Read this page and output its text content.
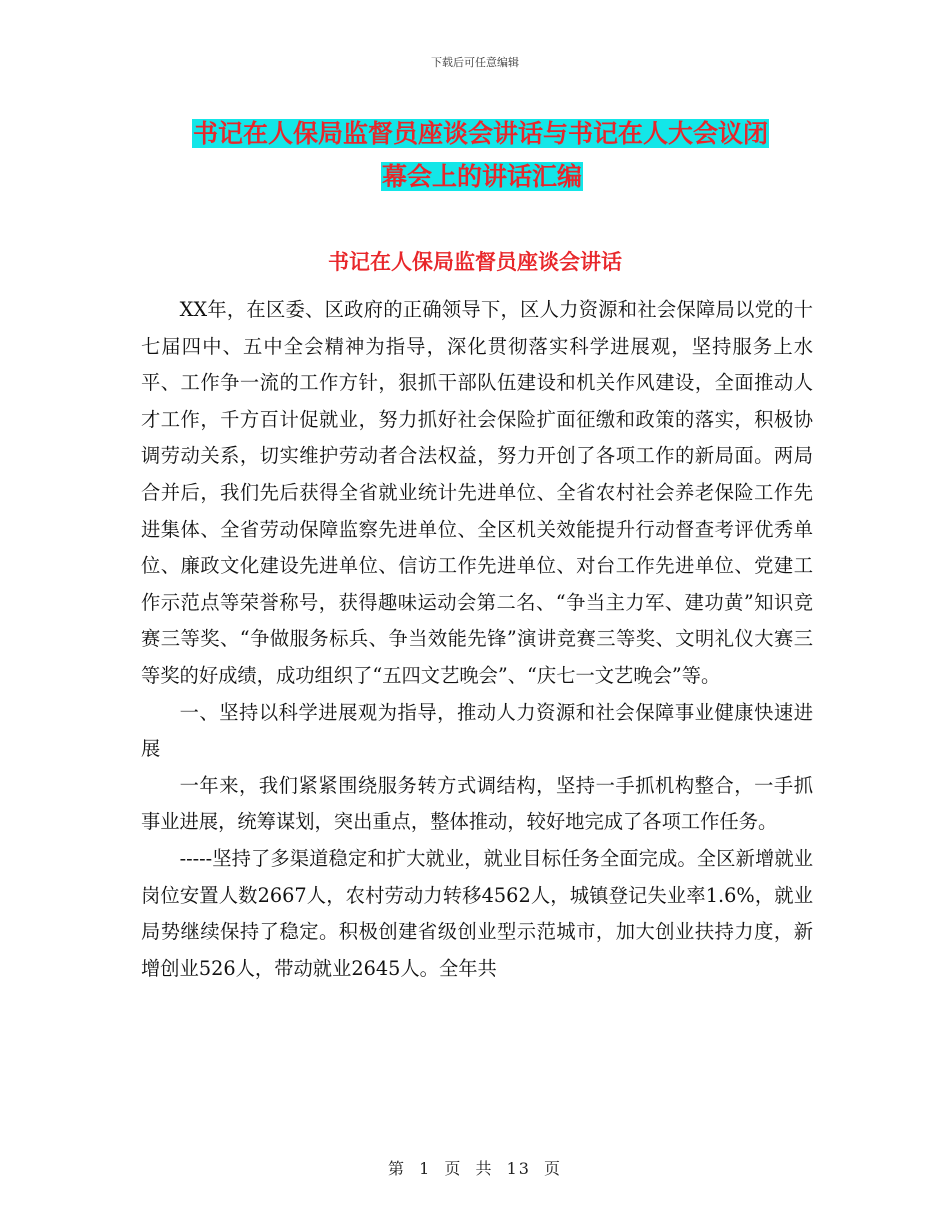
下载后可任意编辑
书记在人保局监督员座谈会讲话与书记在人大会议闭
幕会上的讲话汇编
书记在人保局监督员座谈会讲话

XX年，在区委、区政府的正确领导下，区人力资源和社会保障局以党的十七届四中、五中全会精神为指导，深化贯彻落实科学进展观，坚持服务上水平、工作争一流的工作方针，狠抓干部队伍建设和机关作风建设，全面推动人才工作，千方百计促就业，努力抓好社会保险扩面征缴和政策的落实，积极协调劳动关系，切实维护劳动者合法权益，努力开创了各项工作的新局面。两局合并后，我们先后获得全省就业统计先进单位、全省农村社会养老保险工作先进集体、全省劳动保障监察先进单位、全区机关效能提升行动督查考评优秀单位、廉政文化建设先进单位、信访工作先进单位、对台工作先进单位、党建工作示范点等荣誉称号，获得趣味运动会第二名、“争当主力军、建功黄”知识竞赛三等奖、“争做服务标兵、争当效能先锋”演讲竞赛三等奖、文明礼仪大赛三等奖的好成绩，成功组织了“五四文艺晚会”、“庆七一文艺晚会”等。

一、坚持以科学进展观为指导，推动人力资源和社会保障事业健康快速进展

一年来，我们紧紧围绕服务转方式调结构，坚持一手抓机构整合，一手抓事业进展，统筹谋划，突出重点，整体推动，较好地完成了各项工作任务。

-----坚持了多渠道稳定和扩大就业，就业目标任务全面完成。全区新增就业岗位安置人数2667人，农村劳动力转移4562人，城镇登记失业率1.6%，就业局势继续保持了稳定。积极创建省级创业型示范城市，加大创业扶持力度，新增创业526人，带动就业2645人。全年共

第 1 页 共 13 页
